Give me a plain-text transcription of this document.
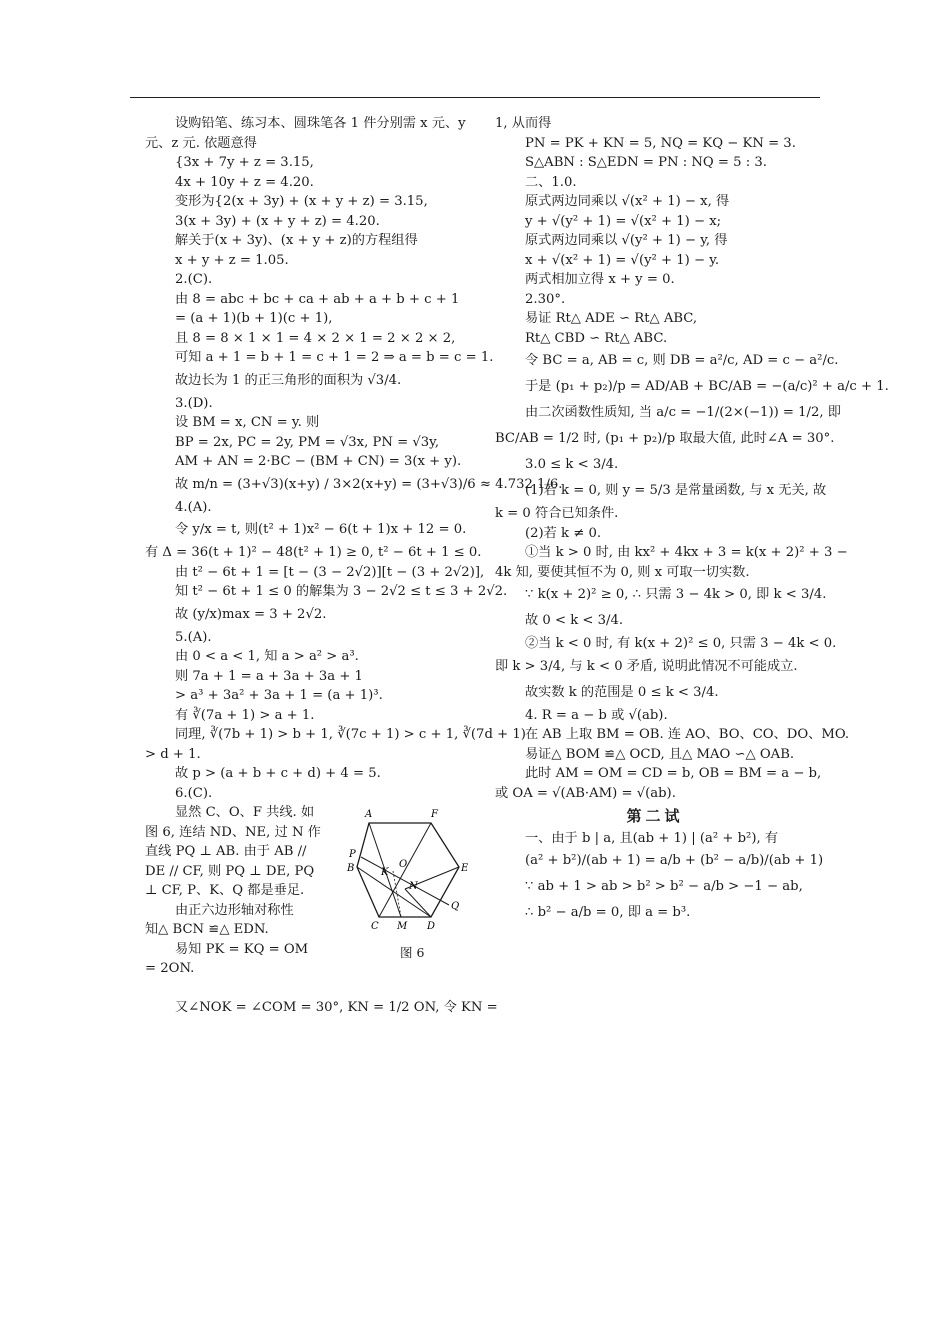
设购铅笔、练习本、圆珠笔各 1 件分别需 x 元、y
元、z 元. 依题意得
{3x + 7y + z = 3.15,
4x + 10y + z = 4.20.
变形为{2(x + 3y) + (x + y + z) = 3.15,
3(x + 3y) + (x + y + z) = 4.20.
解关于(x + 3y)、(x + y + z)的方程组得
x + y + z = 1.05.
2.(C).
由 8 = abc + bc + ca + ab + a + b + c + 1
= (a + 1)(b + 1)(c + 1),
且 8 = 8 × 1 × 1 = 4 × 2 × 1 = 2 × 2 × 2,
可知 a + 1 = b + 1 = c + 1 = 2 ⇒ a = b = c = 1.
故边长为 1 的正三角形的面积为 √3/4.
3.(D).
设 BM = x, CN = y. 则
BP = 2x, PC = 2y, PM = √3x, PN = √3y,
AM + AN = 2·BC − (BM + CN) = 3(x + y).
故 m/n = (3+√3)(x+y) / 3×2(x+y) = (3+√3)/6 ≈ 4.732 1/6.
4.(A).
令 y/x = t, 则(t² + 1)x² − 6(t + 1)x + 12 = 0.
有 Δ = 36(t + 1)² − 48(t² + 1) ≥ 0, t² − 6t + 1 ≤ 0.
由 t² − 6t + 1 = [t − (3 − 2√2)][t − (3 + 2√2)],
知 t² − 6t + 1 ≤ 0 的解集为 3 − 2√2 ≤ t ≤ 3 + 2√2.
故 (y/x)max = 3 + 2√2.
5.(A).
由 0 < a < 1, 知 a > a² > a³.
则 7a + 1 = a + 3a + 3a + 1
> a³ + 3a² + 3a + 1 = (a + 1)³.
有 ∛(7a + 1) > a + 1.
同理, ∛(7b + 1) > b + 1, ∛(7c + 1) > c + 1, ∛(7d + 1)
> d + 1.
故 p > (a + b + c + d) + 4 = 5.
6.(C).
显然 C、O、F 共线. 如
图 6, 连结 ND、NE, 过 N 作
直线 PQ ⊥ AB. 由于 AB //
DE // CF, 则 PQ ⊥ DE, PQ
⊥ CF, P、K、Q 都是垂足.
由正六边形轴对称性
知△ BCN ≌△ EDN.
易知 PK = KQ = OM
= 2ON.
A	F
P
B	K
O	E
N
Q
C M D
图 6
又∠NOK = ∠COM = 30°, KN = 1/2 ON, 令 KN =
1, 从而得
PN = PK + KN = 5, NQ = KQ − KN = 3.
S△ABN : S△EDN = PN : NQ = 5 : 3.
二、1.0.
原式两边同乘以 √(x² + 1) − x, 得
y + √(y² + 1) = √(x² + 1) − x;
原式两边同乘以 √(y² + 1) − y, 得
x + √(x² + 1) = √(y² + 1) − y.
两式相加立得 x + y = 0.
2.30°.
易证 Rt△ ADE ∽ Rt△ ABC,
Rt△ CBD ∽ Rt△ ABC.
令 BC = a, AB = c, 则 DB = a²/c, AD = c − a²/c.
于是 (p₁ + p₂)/p = AD/AB + BC/AB = −(a/c)² + a/c + 1.
由二次函数性质知, 当 a/c = −1/(2×(−1)) = 1/2, 即
BC/AB = 1/2 时, (p₁ + p₂)/p 取最大值, 此时∠A = 30°.
3.0 ≤ k < 3/4.
(1)若 k = 0, 则 y = 5/3 是常量函数, 与 x 无关, 故
k = 0 符合已知条件.
(2)若 k ≠ 0.
①当 k > 0 时, 由 kx² + 4kx + 3 = k(x + 2)² + 3 −
4k 知, 要使其恒不为 0, 则 x 可取一切实数.
∵ k(x + 2)² ≥ 0, ∴ 只需 3 − 4k > 0, 即 k < 3/4.
故 0 < k < 3/4.
②当 k < 0 时, 有 k(x + 2)² ≤ 0, 只需 3 − 4k < 0.
即 k > 3/4, 与 k < 0 矛盾, 说明此情况不可能成立.
故实数 k 的范围是 0 ≤ k < 3/4.
4. R = a − b 或 √(ab).
在 AB 上取 BM = OB. 连 AO、BO、CO、DO、MO.
易证△ BOM ≌△ OCD, 且△ MAO ∽△ OAB.
此时 AM = OM = CD = b, OB = BM = a − b,
或 OA = √(AB·AM) = √(ab).
第二试
一、由于 b | a, 且(ab + 1) | (a² + b²), 有
(a² + b²)/(ab + 1) = a/b + (b² − a/b)/(ab + 1)
∵ ab + 1 > ab > b² > b² − a/b > −1 − ab,
∴ b² − a/b = 0, 即 a = b³.
